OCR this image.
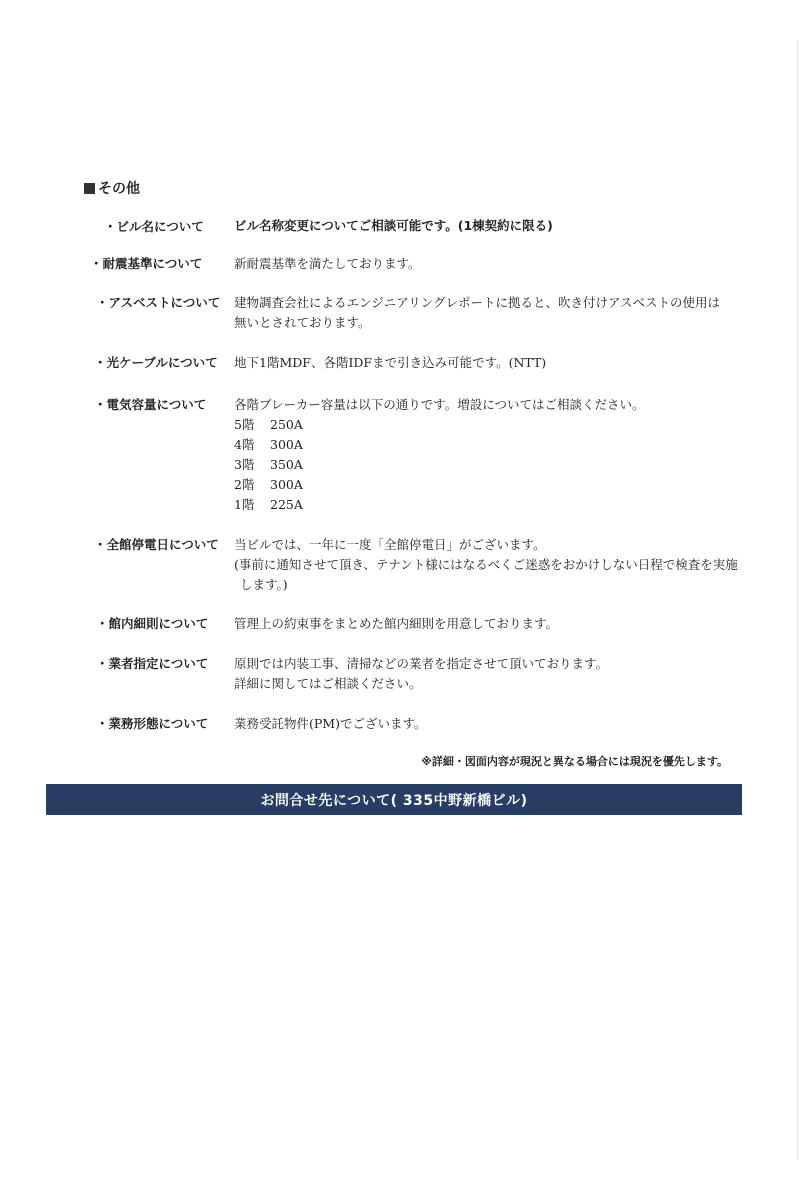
その他
・ビル名について	ビル名称変更についてご相談可能です。(1棟契約に限る)
・耐震基準について	新耐震基準を満たしております。
・アスベストについて	建物調査会社によるエンジニアリングレポートに拠ると、吹き付けアスベストの使用は
無いとされております。
・光ケーブルについて	地下1階MDF、各階IDFまで引き込み可能です。(NTT)
・電気容量について	各階ブレーカー容量は以下の通りです。増設についてはご相談ください。
5階 250A
4階 300A
3階 350A
2階 300A
1階 225A
・全館停電日について	当ビルでは、一年に一度「全館停電日」がございます。
(事前に通知させて頂き、テナント様にはなるべくご迷惑をおかけしない日程で検査を実施
します。)
・館内細則について	管理上の約束事をまとめた館内細則を用意しております。
・業者指定について	原則では内装工事、清掃などの業者を指定させて頂いております。
詳細に関してはご相談ください。
・業務形態について	業務受託物件(PM)でございます。
※詳細・図面内容が現況と異なる場合には現況を優先します。
お問合せ先について( 335中野新橋ビル)
